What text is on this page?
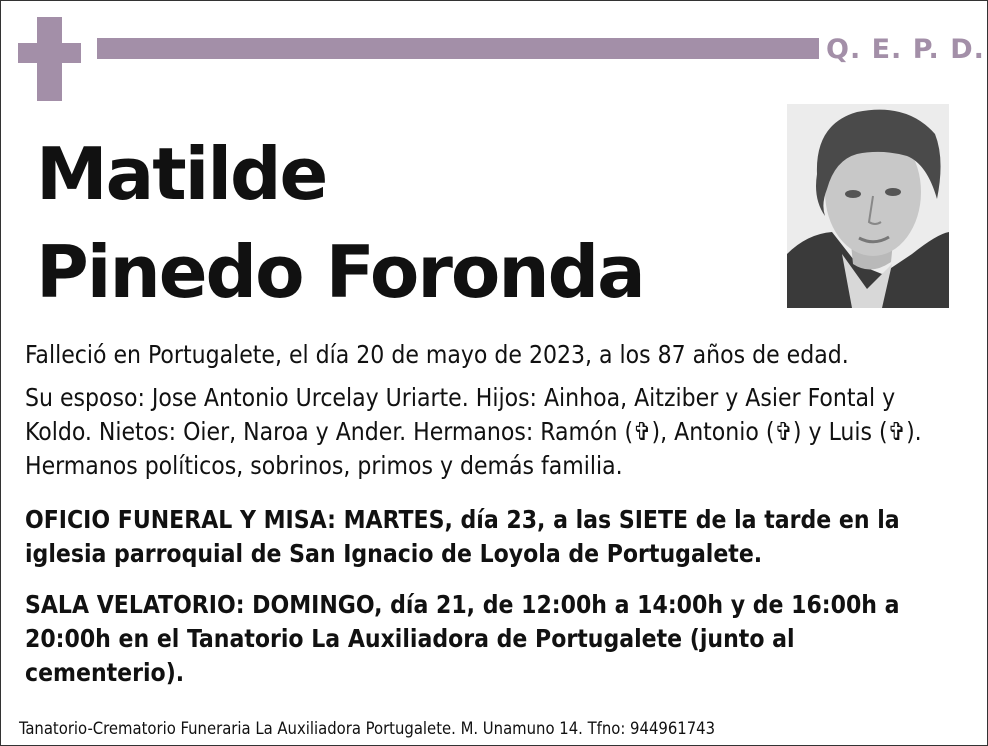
Q. E. P. D.
Matilde
Pinedo Foronda
Falleció en Portugalete, el día 20 de mayo de 2023, a los 87 años de edad.
Su esposo: Jose Antonio Urcelay Uriarte. Hijos: Ainhoa, Aitziber y Asier Fontal y Koldo. Nietos: Oier, Naroa y Ander. Hermanos: Ramón (✞), Antonio (✞) y Luis (✞). Hermanos políticos, sobrinos, primos y demás familia.
OFICIO FUNERAL Y MISA: MARTES, día 23, a las SIETE de la tarde en la iglesia parroquial de San Ignacio de Loyola de Portugalete.
SALA VELATORIO: DOMINGO, día 21, de 12:00h a 14:00h y de 16:00h a 20:00h en el Tanatorio La Auxiliadora de Portugalete (junto al cementerio).
Tanatorio-Crematorio Funeraria La Auxiliadora Portugalete. M. Unamuno 14. Tfno: 944961743
